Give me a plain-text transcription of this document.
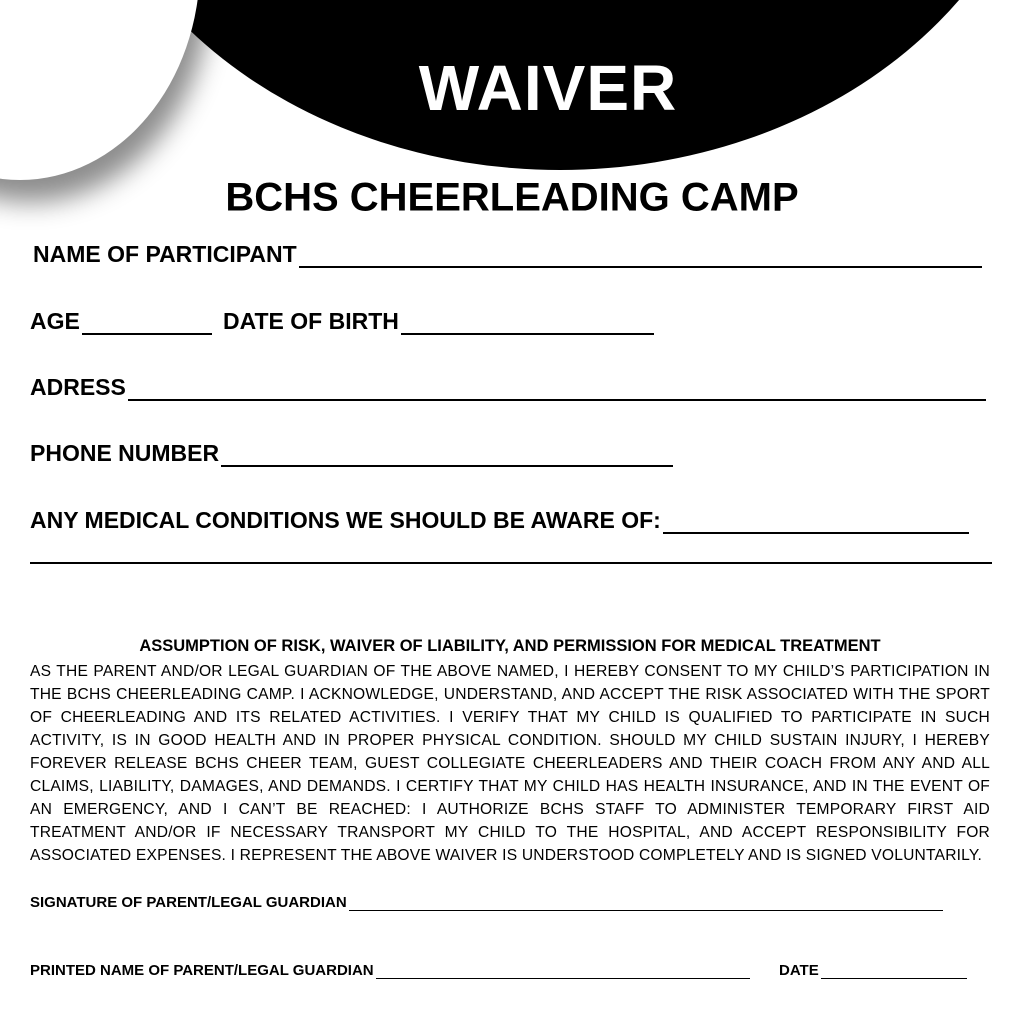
WAIVER
BCHS CHEERLEADING CAMP
NAME OF PARTICIPANT
AGE	DATE OF BIRTH
ADRESS
PHONE NUMBER
ANY MEDICAL CONDITIONS WE SHOULD BE AWARE OF:

ASSUMPTION OF RISK, WAIVER OF LIABILITY, AND PERMISSION FOR MEDICAL TREATMENT

AS THE PARENT AND/OR LEGAL GUARDIAN OF THE ABOVE NAMED, I HEREBY CONSENT TO MY CHILD’S PARTICIPATION IN THE BCHS CHEERLEADING CAMP. I ACKNOWLEDGE, UNDERSTAND, AND ACCEPT THE RISK ASSOCIATED WITH THE SPORT OF CHEERLEADING AND ITS RELATED ACTIVITIES. I VERIFY THAT MY CHILD IS QUALIFIED TO PARTICIPATE IN SUCH ACTIVITY, IS IN GOOD HEALTH AND IN PROPER PHYSICAL CONDITION. SHOULD MY CHILD SUSTAIN INJURY, I HEREBY FOREVER RELEASE BCHS CHEER TEAM, GUEST COLLEGIATE CHEERLEADERS AND THEIR COACH FROM ANY AND ALL CLAIMS, LIABILITY, DAMAGES, AND DEMANDS. I CERTIFY THAT MY CHILD HAS HEALTH INSURANCE, AND IN THE EVENT OF AN EMERGENCY, AND I CAN’T BE REACHED: I AUTHORIZE BCHS STAFF TO ADMINISTER TEMPORARY FIRST AID TREATMENT AND/OR IF NECESSARY TRANSPORT MY CHILD TO THE HOSPITAL, AND ACCEPT RESPONSIBILITY FOR ASSOCIATED EXPENSES. I REPRESENT THE ABOVE WAIVER IS UNDERSTOOD COMPLETELY AND IS SIGNED VOLUNTARILY.

SIGNATURE OF PARENT/LEGAL GUARDIAN
PRINTED NAME OF PARENT/LEGAL GUARDIAN	DATE
